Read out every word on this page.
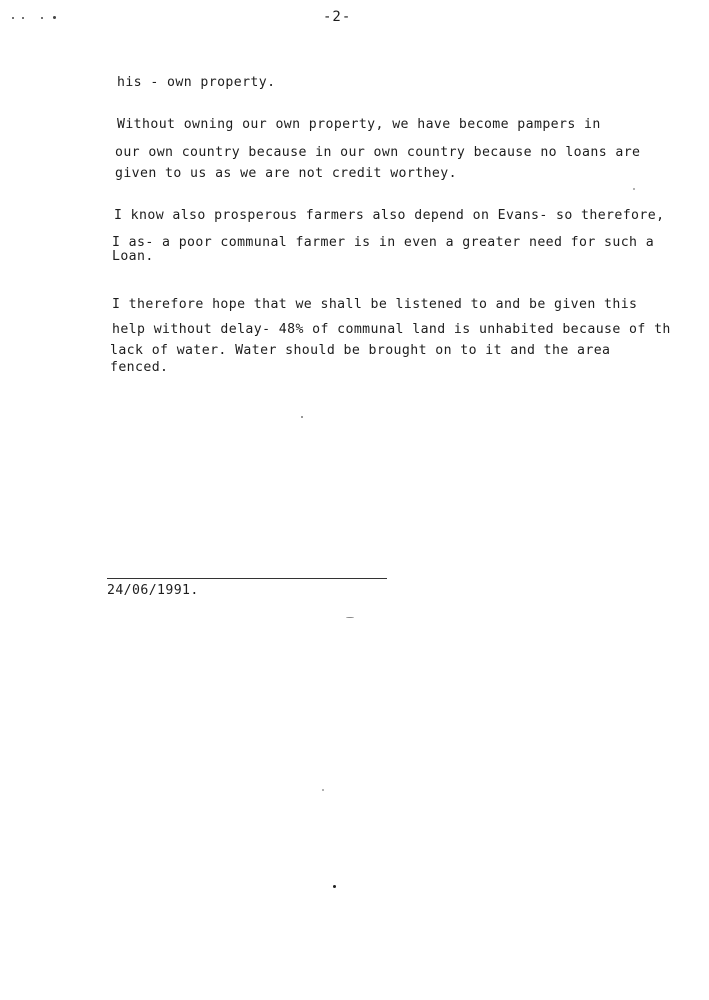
-2-
his - own property.
Without owning our own property, we have become pampers in
our own country because in our own country because no loans are
given to us as we are not credit worthey.
I know also prosperous farmers also depend on Evans- so therefore,
I as- a poor communal farmer is in even a greater need for such a
Loan.
I therefore hope that we shall be listened to and be given this
help without delay- 48% of communal land is unhabited because of th
lack of water. Water should be brought on to it and the area
fenced.
24/06/1991.
